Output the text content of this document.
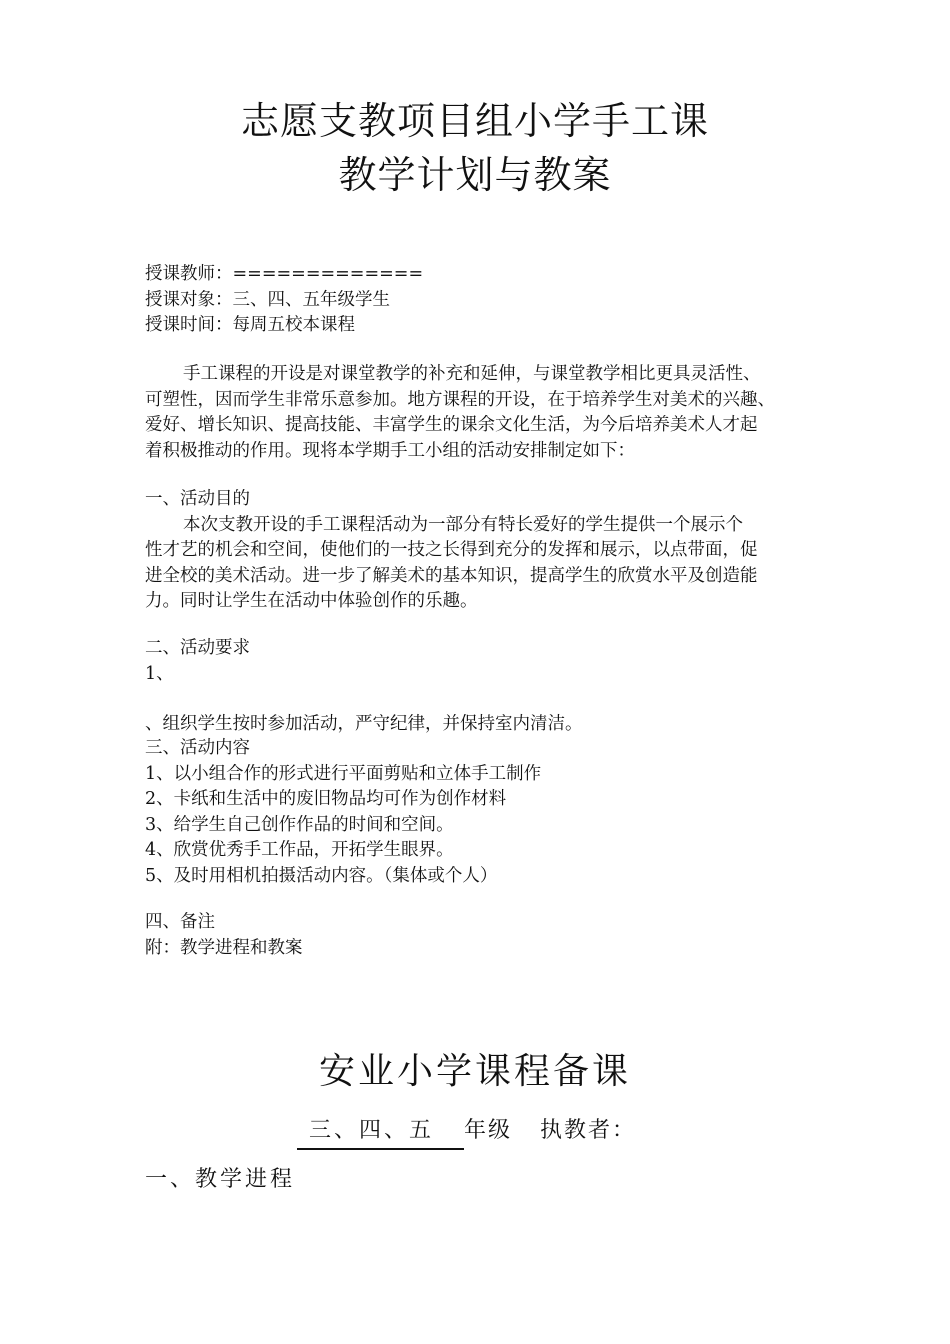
志愿支教项目组小学手工课
教学计划与教案
授课教师：=============
授课对象：三、四、五年级学生
授课时间：每周五校本课程
手工课程的开设是对课堂教学的补充和延伸，与课堂教学相比更具灵活性、
可塑性，因而学生非常乐意参加。地方课程的开设，在于培养学生对美术的兴趣、
爱好、增长知识、提高技能、丰富学生的课余文化生活，为今后培养美术人才起
着积极推动的作用。现将本学期手工小组的活动安排制定如下：
一、活动目的
本次支教开设的手工课程活动为一部分有特长爱好的学生提供一个展示个
性才艺的机会和空间，使他们的一技之长得到充分的发挥和展示，以点带面，促
进全校的美术活动。进一步了解美术的基本知识，提高学生的欣赏水平及创造能
力。同时让学生在活动中体验创作的乐趣。
二、活动要求
1、
、组织学生按时参加活动，严守纪律，并保持室内清洁。
三、活动内容
1、以小组合作的形式进行平面剪贴和立体手工制作
2、卡纸和生活中的废旧物品均可作为创作材料
3、给学生自己创作作品的时间和空间。
4、欣赏优秀手工作品，开拓学生眼界。
5、及时用相机拍摄活动内容。（集体或个人）
四、备注
附：教学进程和教案
安业小学课程备课
三、四、五 年级 执教者：
一、教学进程
